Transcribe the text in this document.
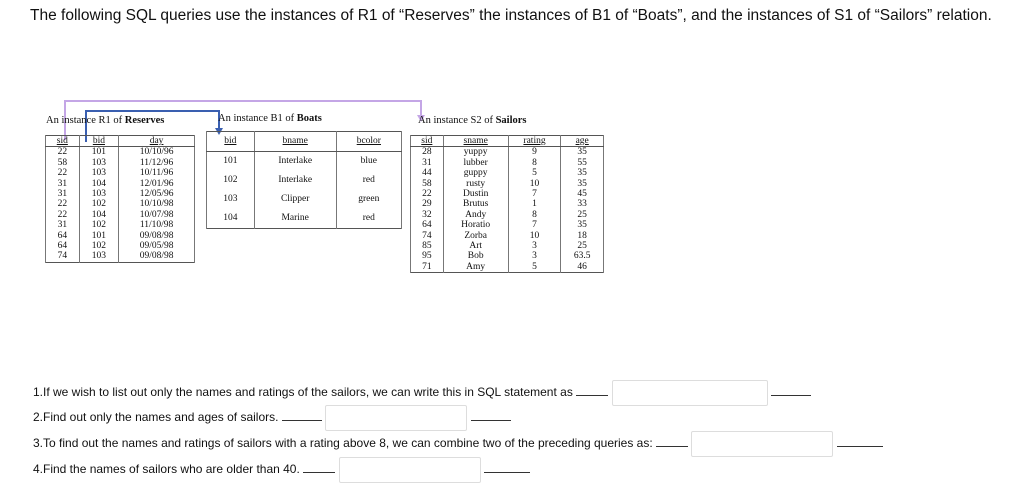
The following SQL queries use the instances of R1 of “Reserves” the instances of B1 of “Boats”, and the instances of S1 of “Sailors” relation.
An instance R1 of Reserves
sid	bid	day
22	101	10/10/96
58	103	11/12/96
22	103	10/11/96
31	104	12/01/96
31	103	12/05/96
22	102	10/10/98
22	104	10/07/98
31	102	11/10/98
64	101	09/08/98
64	102	09/05/98
74	103	09/08/98
An instance B1 of Boats
bid	bname	bcolor
101	Interlake	blue
102	Interlake	red
103	Clipper	green
104	Marine	red
An instance S2 of Sailors
sid	sname	rating	age
28	yuppy	9	35
31	lubber	8	55
44	guppy	5	35
58	rusty	10	35
22	Dustin	7	45
29	Brutus	1	33
32	Andy	8	25
64	Horatio	7	35
74	Zorba	10	18
85	Art	3	25
95	Bob	3	63.5
71	Amy	5	46
1.If we wish to list out only the names and ratings of the sailors, we can write this in SQL statement as
2.Find out only the names and ages of sailors.
3.To find out the names and ratings of sailors with a rating above 8, we can combine two of the preceding queries as:
4.Find the names of sailors who are older than 40.
